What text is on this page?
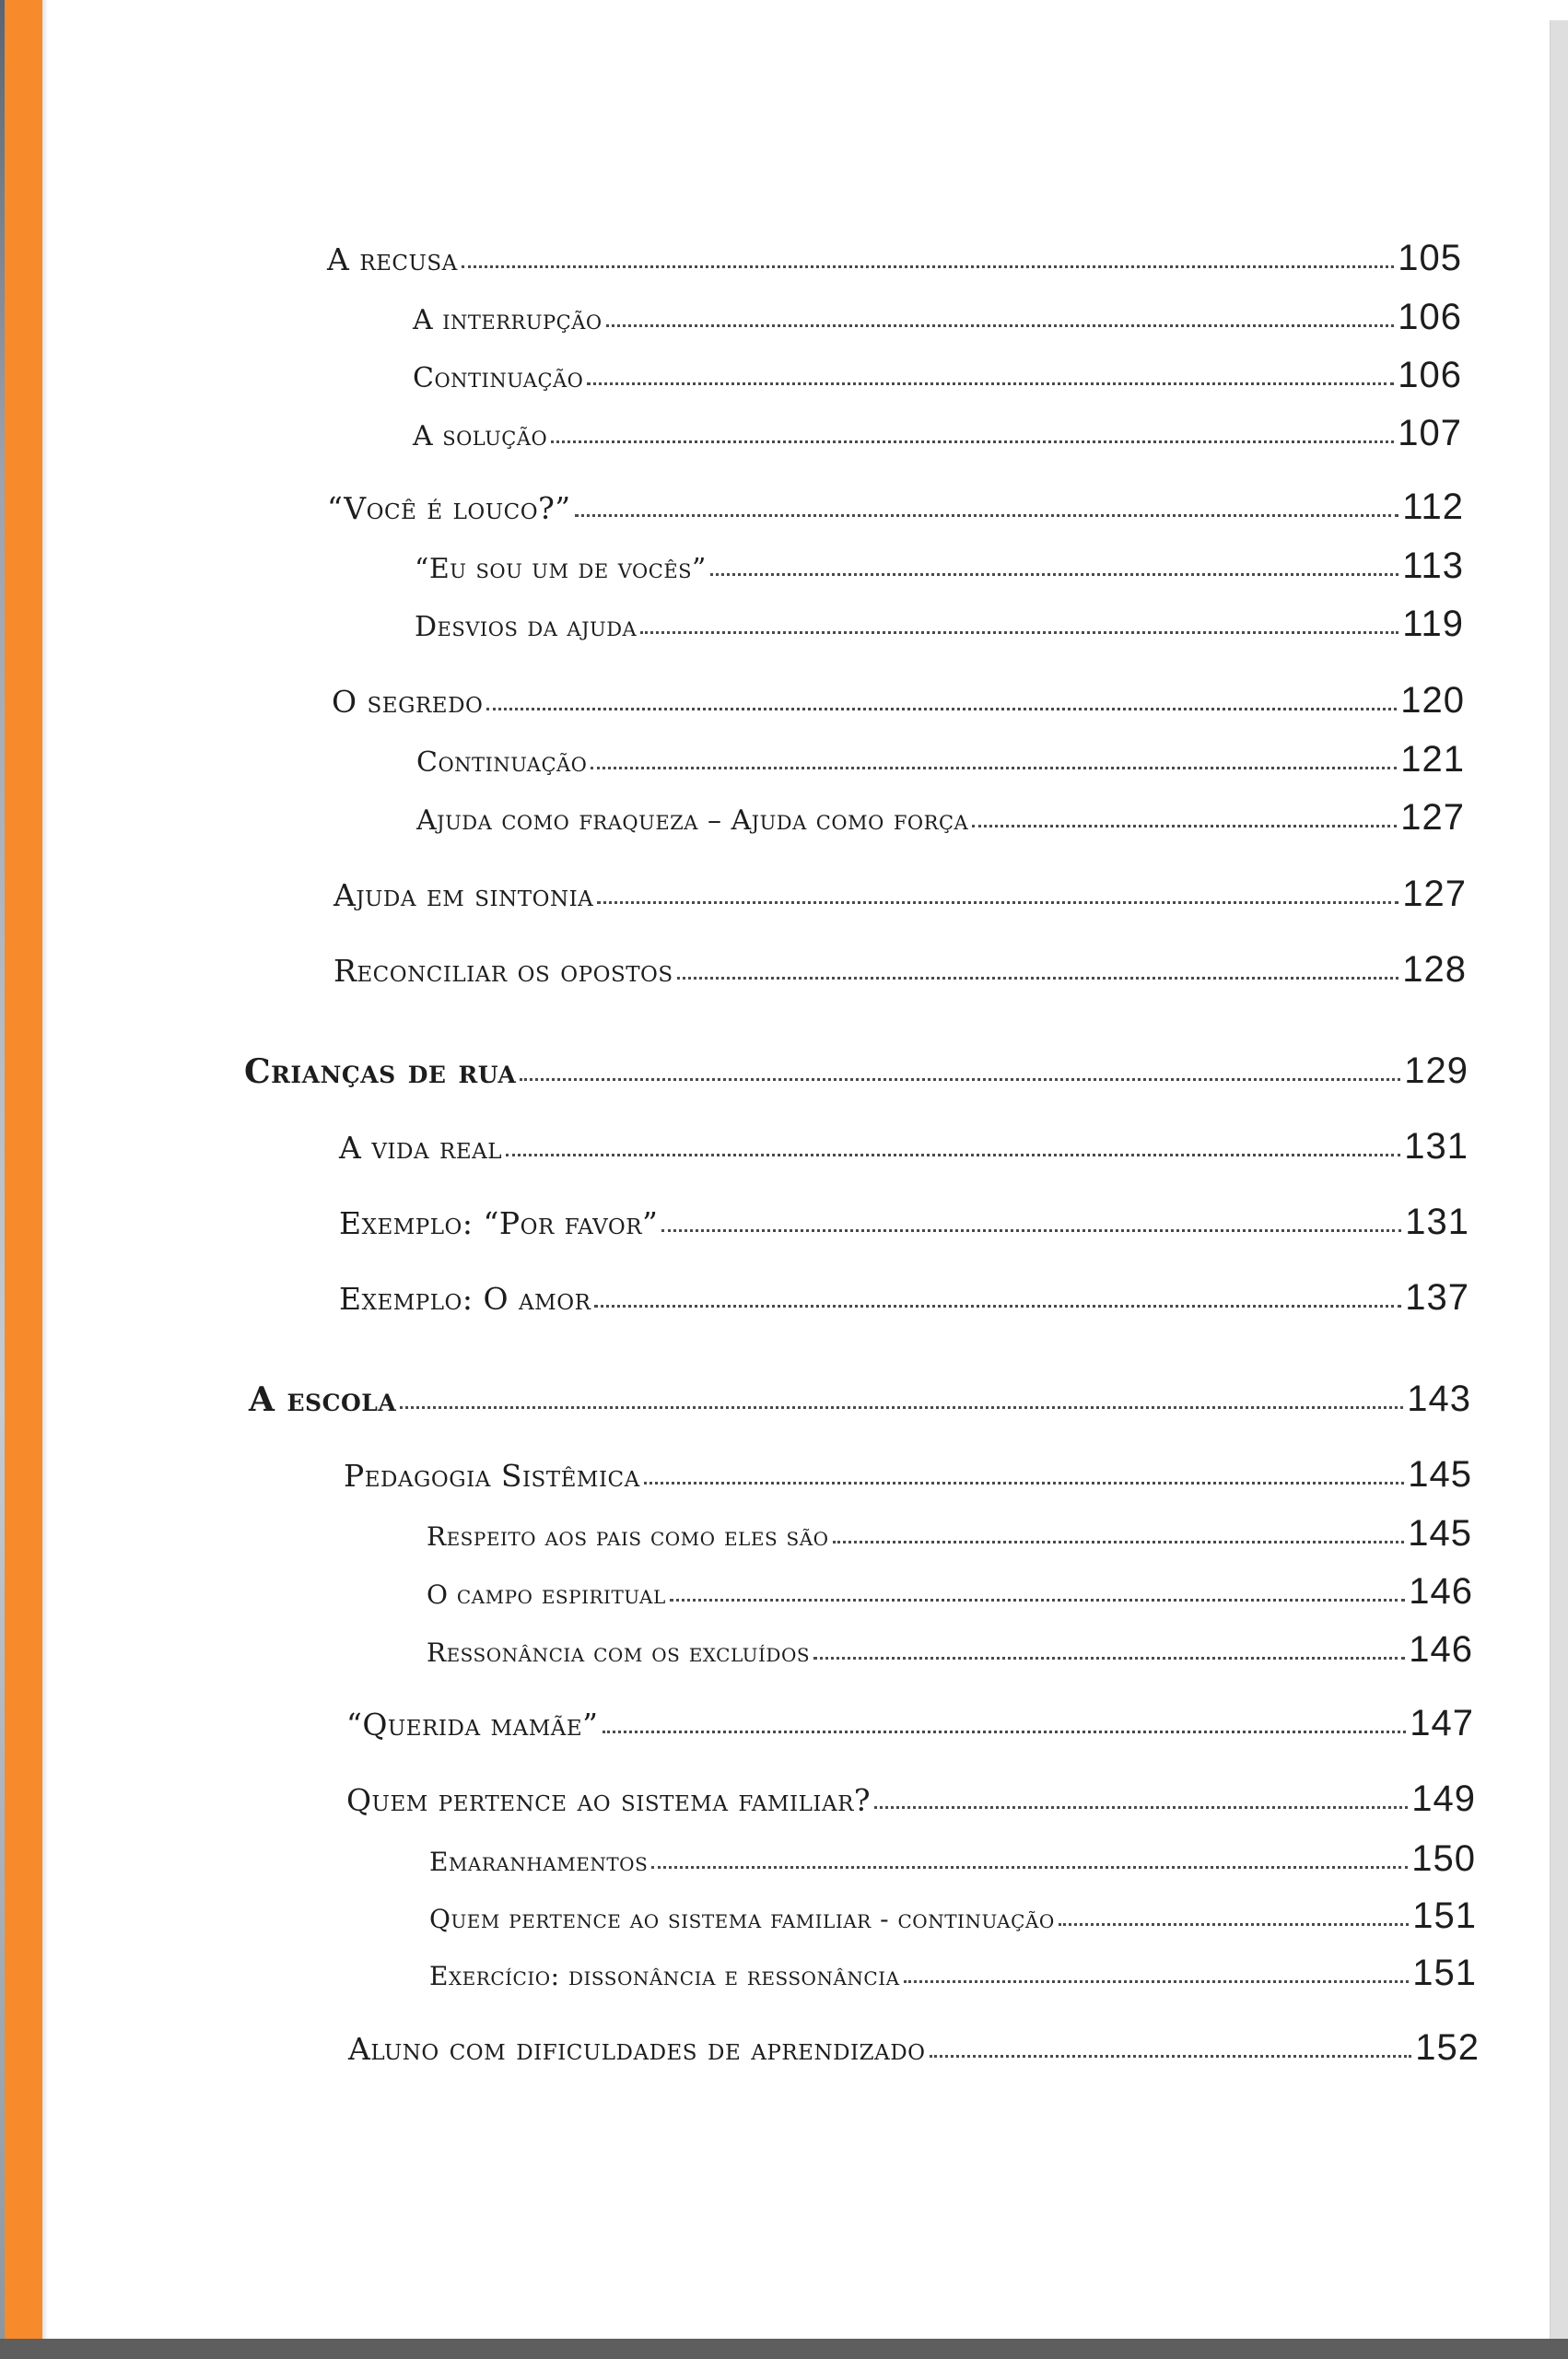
A recusa	105
A interrupção	106
Continuação	106
A solução	107
“Você é louco?”	112
“Eu sou um de vocês”	113
Desvios da ajuda	119
O segredo	120
Continuação	121
Ajuda como fraqueza – Ajuda como força	127
Ajuda em sintonia	127
Reconciliar os opostos	128
Crianças de rua	129
A vida real	131
Exemplo: “Por favor”	131
Exemplo: O amor	137
A escola	143
Pedagogia Sistêmica	145
Respeito aos pais como eles são	145
O campo espiritual	146
Ressonância com os excluídos	146
“Querida mamãe”	147
Quem pertence ao sistema familiar?	149
Emaranhamentos	150
Quem pertence ao sistema familiar - continuação	151
Exercício: dissonância e ressonância	151
Aluno com dificuldades de aprendizado	152
